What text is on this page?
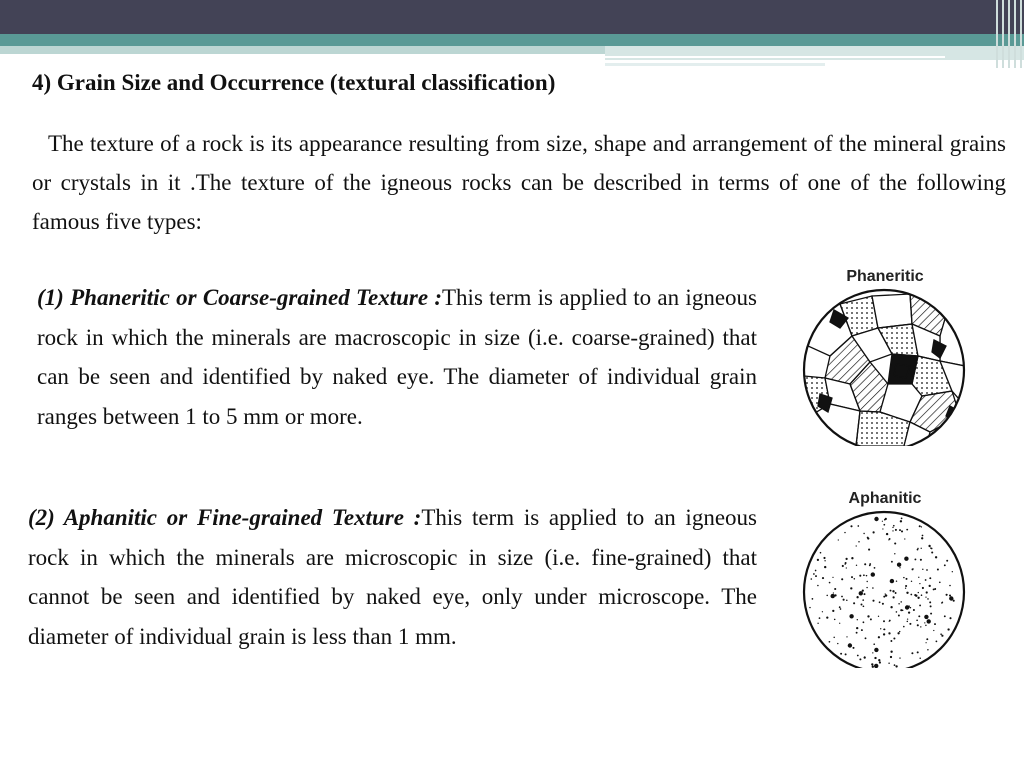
4) Grain Size and Occurrence (textural classification)

The texture of a rock is its appearance resulting from size, shape and arrangement of the mineral grains or crystals in it .The texture of the igneous rocks can be described in terms of one of the following famous five types:

(1) Phaneritic or Coarse-grained Texture :This term is applied to an igneous rock in which the minerals are macroscopic in size (i.e. coarse-grained) that can be seen and identified by naked eye. The diameter of individual grain ranges between 1 to 5 mm or more.

(2) Aphanitic or Fine-grained Texture :This term is applied to an igneous rock in which the minerals are microscopic in size (i.e. fine-grained) that cannot be seen and identified by naked eye, only under microscope. The diameter of individual grain is less than 1 mm.

Phaneritic
Aphanitic
